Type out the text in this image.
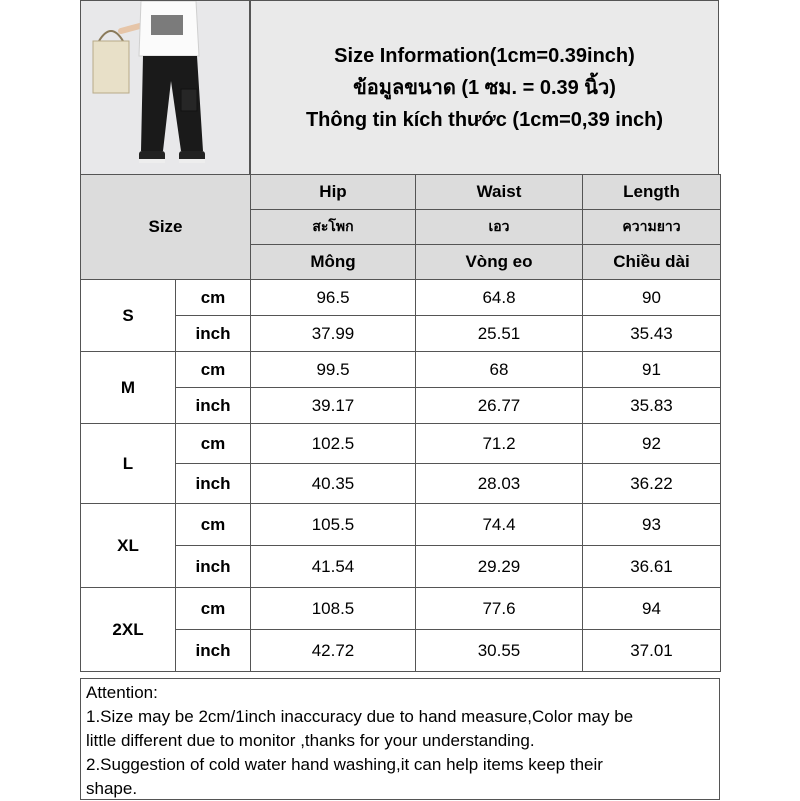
Size Information(1cm=0.39inch)
ข้อมูลขนาด (1 ซม. = 0.39 นิ้ว)
Thông tin kích thước (1cm=0,39 inch)
Size		Hip	Waist	Length
		สะโพก	เอว	ความยาว
		Mông	Vòng eo	Chiều dài
S	cm	96.5	64.8	90
	inch	37.99	25.51	35.43
M	cm	99.5	68	91
	inch	39.17	26.77	35.83
L	cm	102.5	71.2	92
	inch	40.35	28.03	36.22
XL	cm	105.5	74.4	93
	inch	41.54	29.29	36.61
2XL	cm	108.5	77.6	94
	inch	42.72	30.55	37.01
Attention:
1.Size may be 2cm/1inch inaccuracy due to hand measure,Color may be
little different due to monitor ,thanks for your understanding.
2.Suggestion of cold water hand washing,it can help items keep their
shape.
